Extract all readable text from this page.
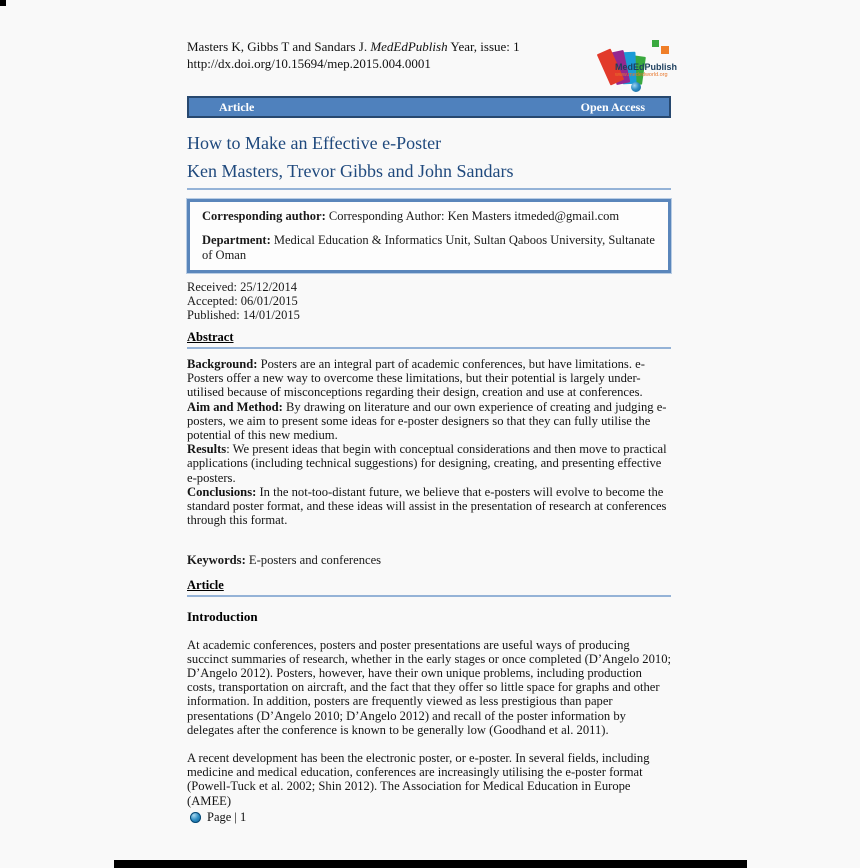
Masters K, Gibbs T and Sandars J. MedEdPublish Year, issue: 1
http://dx.doi.org/10.15694/mep.2015.004.0001	MedEdPublish
www.mededworld.org
Article	Open Access
How to Make an Effective e-Poster
Ken Masters, Trevor Gibbs and John Sandars

Corresponding author: Corresponding Author: Ken Masters itmeded@gmail.com

Department: Medical Education & Informatics Unit, Sultan Qaboos University, Sultanate of Oman

Received: 25/12/2014
Accepted: 06/01/2015
Published: 14/01/2015
Abstract

Background: Posters are an integral part of academic conferences, but have limitations. e-Posters offer a new way to overcome these limitations, but their potential is largely under-utilised because of misconceptions regarding their design, creation and use at conferences.

Aim and Method: By drawing on literature and our own experience of creating and judging e-posters, we aim to present some ideas for e-poster designers so that they can fully utilise the potential of this new medium.

Results: We present ideas that begin with conceptual considerations and then move to practical applications (including technical suggestions) for designing, creating, and presenting effective e-posters.

Conclusions: In the not-too-distant future, we believe that e-posters will evolve to become the standard poster format, and these ideas will assist in the presentation of research at conferences through this format.

Keywords: E-posters and conferences

Article
Introduction

At academic conferences, posters and poster presentations are useful ways of producing succinct summaries of research, whether in the early stages or once completed (D’Angelo 2010; D’Angelo 2012). Posters, however, have their own unique problems, including production costs, transportation on aircraft, and the fact that they offer so little space for graphs and other information. In addition, posters are frequently viewed as less prestigious than paper presentations (D’Angelo 2010; D’Angelo 2012) and recall of the poster information by delegates after the conference is known to be generally low (Goodhand et al. 2011).

A recent development has been the electronic poster, or e-poster. In several fields, including medicine and medical education, conferences are increasingly utilising the e-poster format (Powell-Tuck et al. 2002; Shin 2012). The Association for Medical Education in Europe (AMEE)

Page | 1
